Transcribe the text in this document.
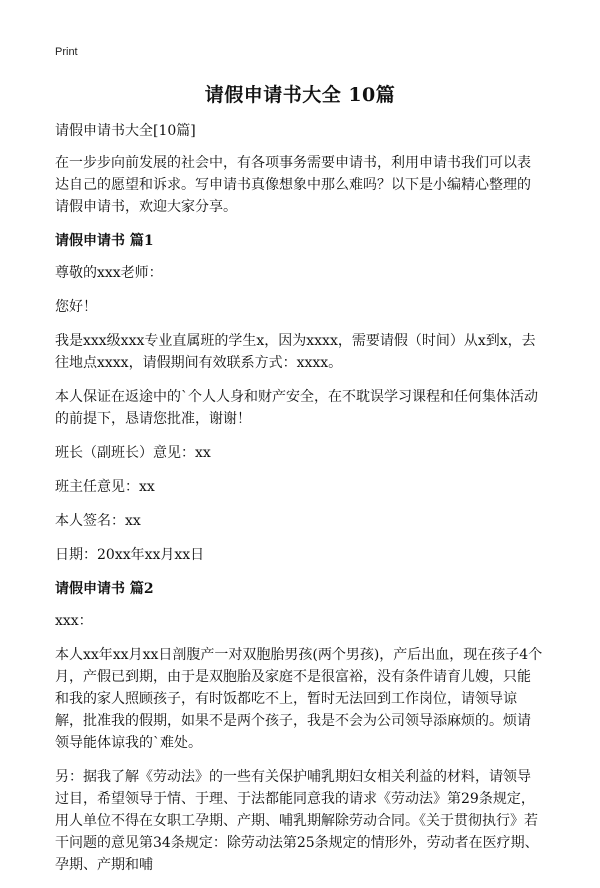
Print
请假申请书大全 10篇

请假申请书大全[10篇]

在一步步向前发展的社会中，有各项事务需要申请书，利用申请书我们可以表达自己的愿望和诉求。写申请书真像想象中那么难吗？以下是小编精心整理的请假申请书，欢迎大家分享。

请假申请书 篇1

尊敬的xxx老师：

您好！

我是xxx级xxx专业直属班的学生x，因为xxxx，需要请假（时间）从x到x，去往地点xxxx，请假期间有效联系方式：xxxx。

本人保证在返途中的`个人人身和财产安全，在不耽误学习课程和任何集体活动的前提下，恳请您批准，谢谢！

班长（副班长）意见：xx

班主任意见：xx

本人签名：xx

日期：20xx年xx月xx日

请假申请书 篇2

xxx：

本人xx年xx月xx日剖腹产一对双胞胎男孩(两个男孩)，产后出血，现在孩子4个月，产假已到期，由于是双胞胎及家庭不是很富裕，没有条件请育儿嫂，只能和我的家人照顾孩子，有时饭都吃不上，暂时无法回到工作岗位，请领导谅解，批准我的假期，如果不是两个孩子，我是不会为公司领导添麻烦的。烦请领导能体谅我的`难处。

另：据我了解《劳动法》的一些有关保护哺乳期妇女相关利益的材料，请领导过目，希望领导于情、于理、于法都能同意我的请求《劳动法》第29条规定，用人单位不得在女职工孕期、产期、哺乳期解除劳动合同。《关于贯彻执行》若干问题的意见第34条规定：除劳动法第25条规定的情形外，劳动者在医疗期、孕期、产期和哺
